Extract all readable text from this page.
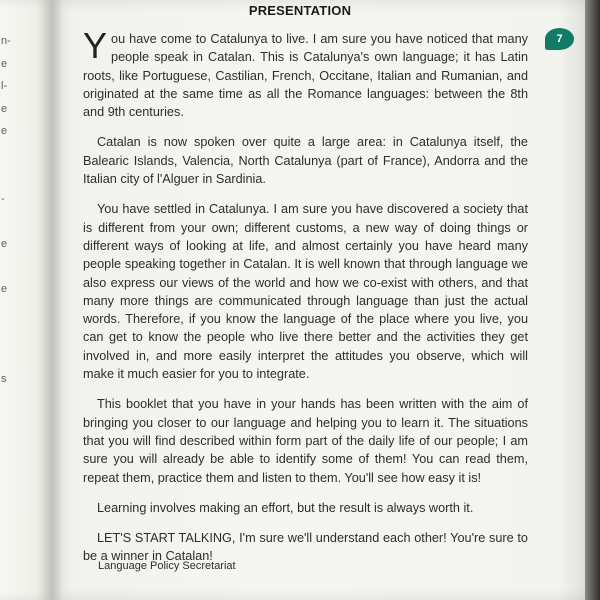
n-
e
l-
e
e
-
e
e
s
PRESENTATION
7

You have come to Catalunya to live. I am sure you have noticed that many people speak in Catalan. This is Catalunya's own language; it has Latin roots, like Portuguese, Castilian, French, Occitane, Italian and Rumanian, and originated at the same time as all the Romance languages: between the 8th and 9th centuries.

Catalan is now spoken over quite a large area: in Catalunya itself, the Balearic Islands, Valencia, North Catalunya (part of France), Andorra and the Italian city of l'Alguer in Sardinia.

You have settled in Catalunya. I am sure you have discovered a society that is different from your own; different customs, a new way of doing things or different ways of looking at life, and almost certainly you have heard many people speaking together in Catalan. It is well known that through language we also express our views of the world and how we co-exist with others, and that many more things are communicated through language than just the actual words. Therefore, if you know the language of the place where you live, you can get to know the people who live there better and the activities they get involved in, and more easily interpret the attitudes you observe, which will make it much easier for you to integrate.

This booklet that you have in your hands has been written with the aim of bringing you closer to our language and helping you to learn it. The situations that you will find described within form part of the daily life of our people; I am sure you will already be able to identify some of them! You can read them, repeat them, practice them and listen to them. You'll see how easy it is!

Learning involves making an effort, but the result is always worth it.

LET'S START TALKING, I'm sure we'll understand each other! You're sure to be a winner in Catalan!

Language Policy Secretariat
